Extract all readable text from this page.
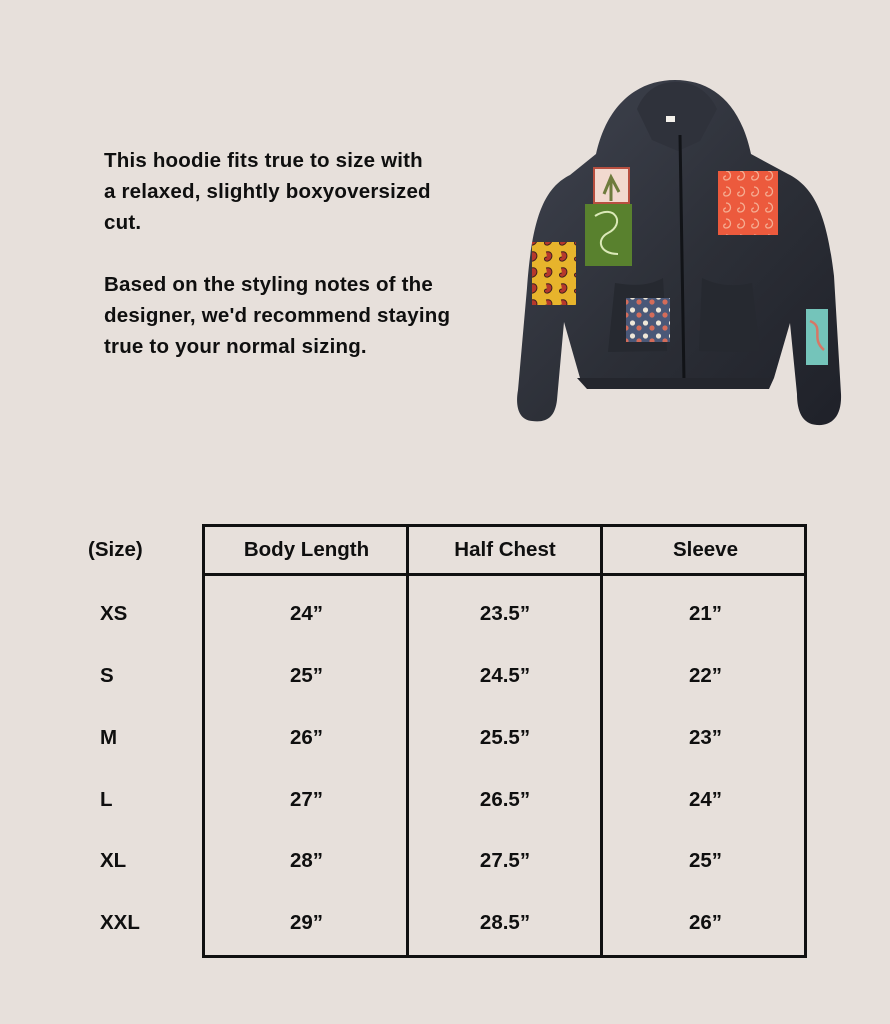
This hoodie fits true to size with
a relaxed, slightly boxyoversized
cut.

Based on the styling notes of the
designer, we'd recommend staying
true to your normal sizing.

(Size)	Body Length	Half Chest	Sleeve
XS	24”	23.5”	21”
S	25”	24.5”	22”
M	26”	25.5”	23”
L	27”	26.5”	24”
XL	28”	27.5”	25”
XXL	29”	28.5”	26”
